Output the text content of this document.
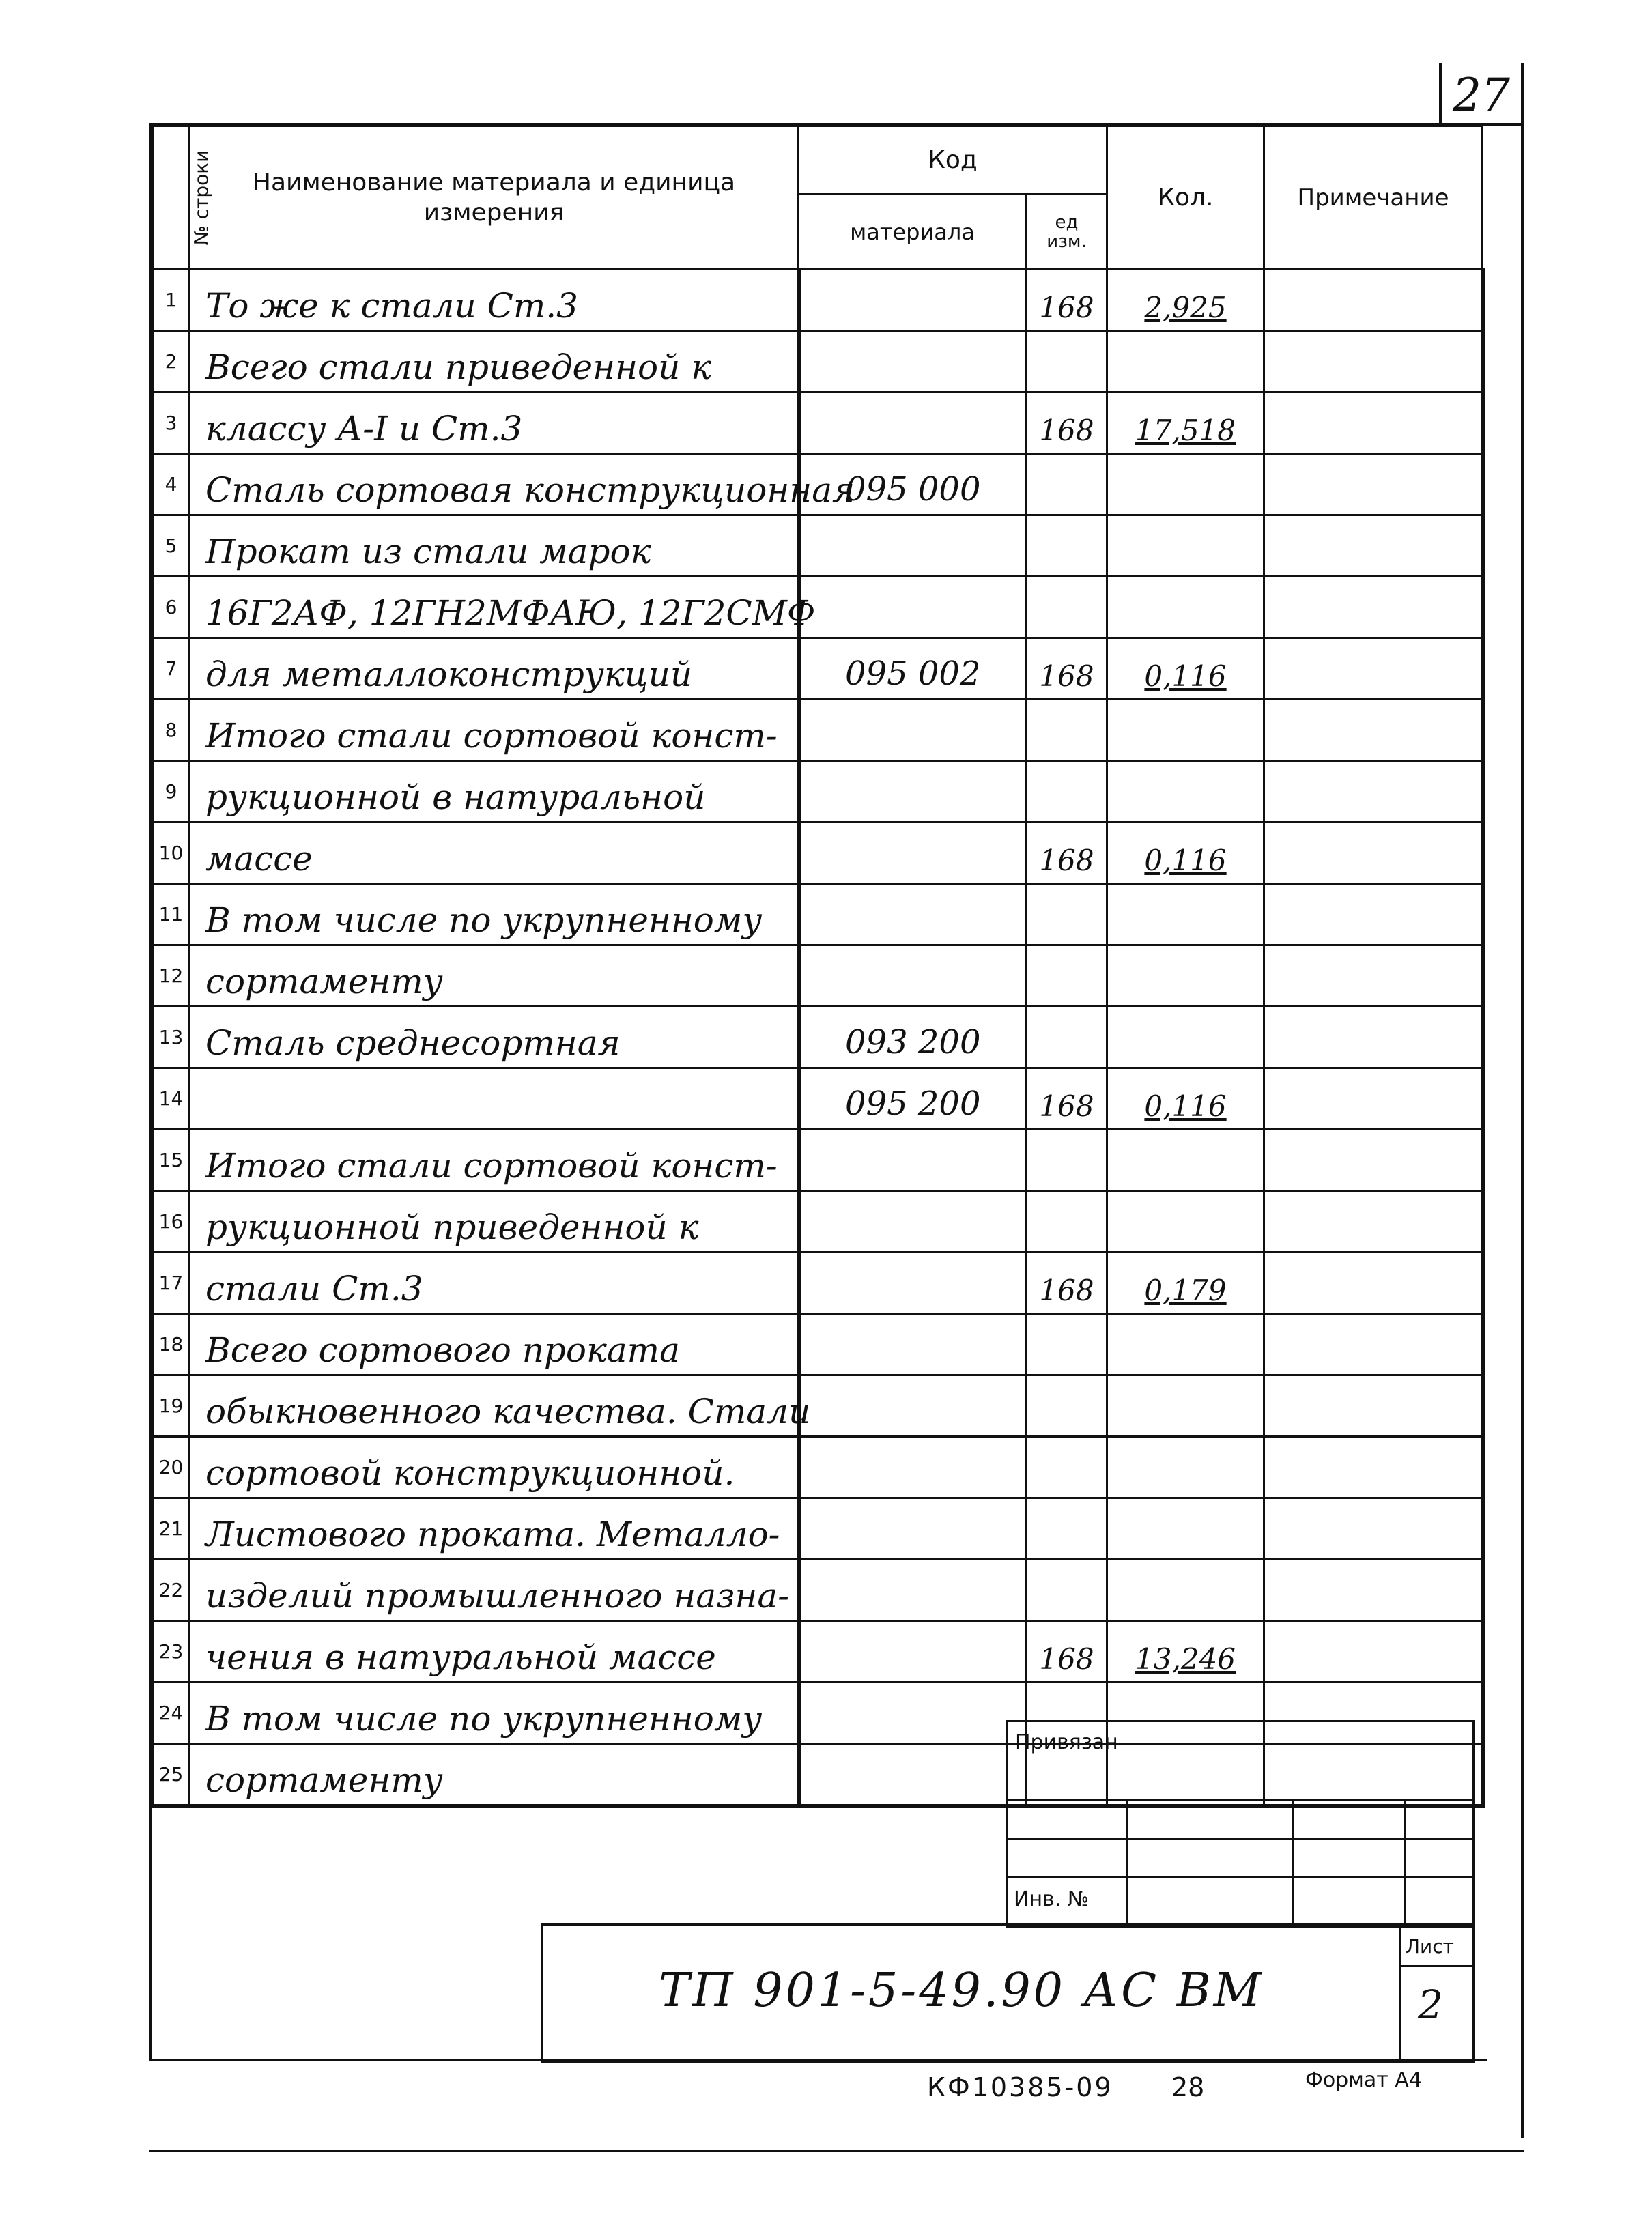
27
№ строки	Наименование материала и единица измерения	Код		Кол.	Примечание
		материала	ед изм.		
1	То же к стали Ст.3		168	2,925	
2	Всего стали приведенной к				
3	классу А-I и Ст.3		168	17,518	
4	Сталь сортовая конструкционная	095 000			
5	Прокат из стали марок				
6	16Г2АФ, 12ГН2МФАЮ, 12Г2СМФ				
7	для металлоконструкций	095 002	168	0,116	
8	Итого стали сортовой конст-				
9	рукционной в натуральной				
10	массе		168	0,116	
11	В том числе по укрупненному				
12	сортаменту				
13	Сталь среднесортная	093 200			
14		095 200	168	0,116	
15	Итого стали сортовой конст-				
16	рукционной приведенной к				
17	стали Ст.3		168	0,179	
18	Всего сортового проката				
19	обыкновенного качества. Стали				
20	сортовой конструкционной.				
21	Листового проката. Металло-				
22	изделий промышленного назна-				
23	чения в натуральной массе		168	13,246	
24	В том числе по укрупненному				
25	сортаменту				
Привязан
Инв. №
ТП 901-5-49.90 АС ВМ
Лист
2
КФ10385-09 28	Формат А4
